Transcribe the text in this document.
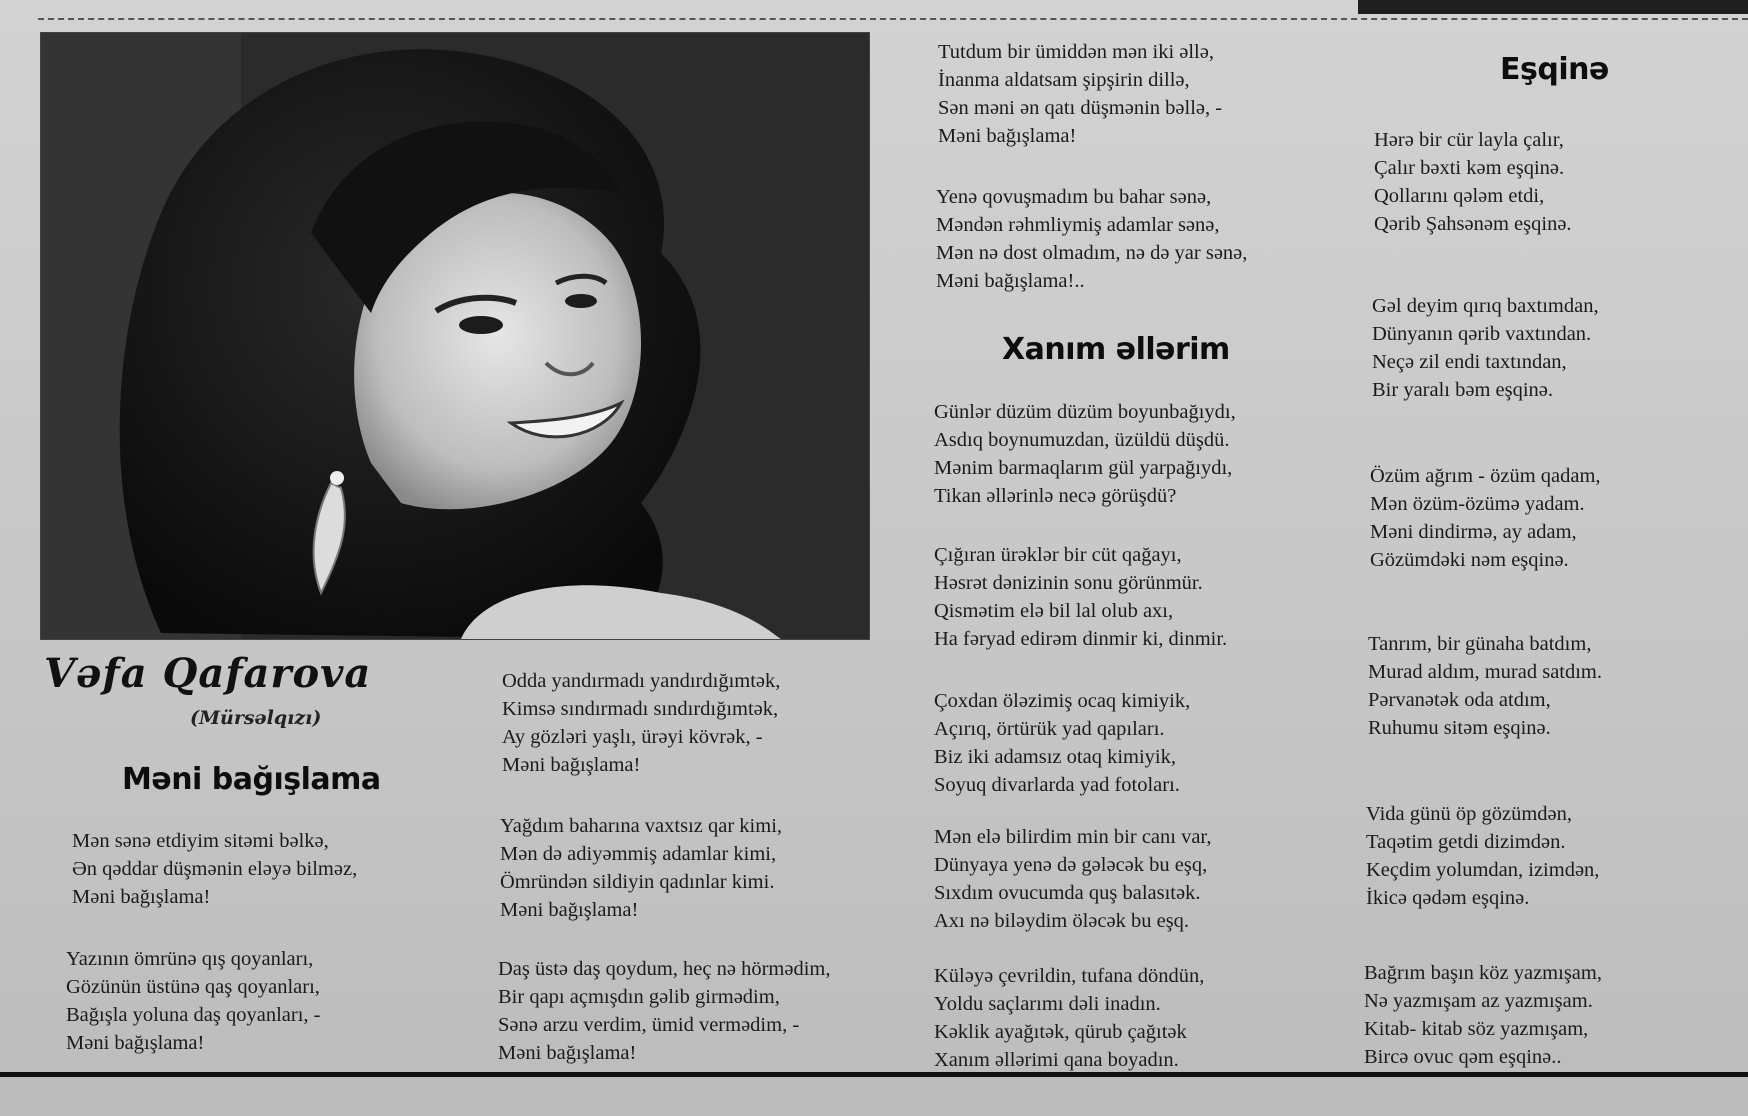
Vəfa Qafarova
(Mürsəlqızı)
Məni bağışlama
Mən sənə etdiyim sitəmi bəlkə,
Ən qəddar düşmənin eləyə bilməz,
Məni bağışlama!
Yazının ömrünə qış qoyanları,
Gözünün üstünə qaş qoyanları,
Bağışla yoluna daş qoyanları, -
Məni bağışlama!
Odda yandırmadı yandırdığımtək,
Kimsə sındırmadı sındırdığımtək,
Ay gözləri yaşlı, ürəyi kövrək, -
Məni bağışlama!
Yağdım baharına vaxtsız qar kimi,
Mən də adiyəmmiş adamlar kimi,
Ömründən sildiyin qadınlar kimi.
Məni bağışlama!
Daş üstə daş qoydum, heç nə hörmədim,
Bir qapı açmışdın gəlib girmədim,
Sənə arzu verdim, ümid vermədim, -
Məni bağışlama!
Tutdum bir ümiddən mən iki əllə,
İnanma aldatsam şipşirin dillə,
Sən məni ən qatı düşmənin bəllə, -
Məni bağışlama!
Yenə qovuşmadım bu bahar sənə,
Məndən rəhmliymiş adamlar sənə,
Mən nə dost olmadım, nə də yar sənə,
Məni bağışlama!..
Xanım əllərim
Günlər düzüm düzüm boyunbağıydı,
Asdıq boynumuzdan, üzüldü düşdü.
Mənim barmaqlarım gül yarpağıydı,
Tikan əllərinlə necə görüşdü?
Çığıran ürəklər bir cüt qağayı,
Həsrət dənizinin sonu görünmür.
Qismətim elə bil lal olub axı,
Ha fəryad edirəm dinmir ki, dinmir.
Çoxdan öləzimiş ocaq kimiyik,
Açırıq, örtürük yad qapıları.
Biz iki adamsız otaq kimiyik,
Soyuq divarlarda yad fotoları.
Mən elə bilirdim min bir canı var,
Dünyaya yenə də gələcək bu eşq,
Sıxdım ovucumda quş balasıtək.
Axı nə biləydim öləcək bu eşq.
Küləyə çevrildin, tufana döndün,
Yoldu saçlarımı dəli inadın.
Kəklik ayağıtək, qürub çağıtək
Xanım əllərimi qana boyadın.
Eşqinə
Hərə bir cür layla çalır,
Çalır bəxti kəm eşqinə.
Qollarını qələm etdi,
Qərib Şahsənəm eşqinə.
Gəl deyim qırıq baxtımdan,
Dünyanın qərib vaxtından.
Neçə zil endi taxtından,
Bir yaralı bəm eşqinə.
Özüm ağrım - özüm qadam,
Mən özüm-özümə yadam.
Məni dindirmə, ay adam,
Gözümdəki nəm eşqinə.
Tanrım, bir günaha batdım,
Murad aldım, murad satdım.
Pərvanətək oda atdım,
Ruhumu sitəm eşqinə.
Vida günü öp gözümdən,
Taqətim getdi dizimdən.
Keçdim yolumdan, izimdən,
İkicə qədəm eşqinə.
Bağrım başın köz yazmışam,
Nə yazmışam az yazmışam.
Kitab- kitab söz yazmışam,
Bircə ovuc qəm eşqinə..
